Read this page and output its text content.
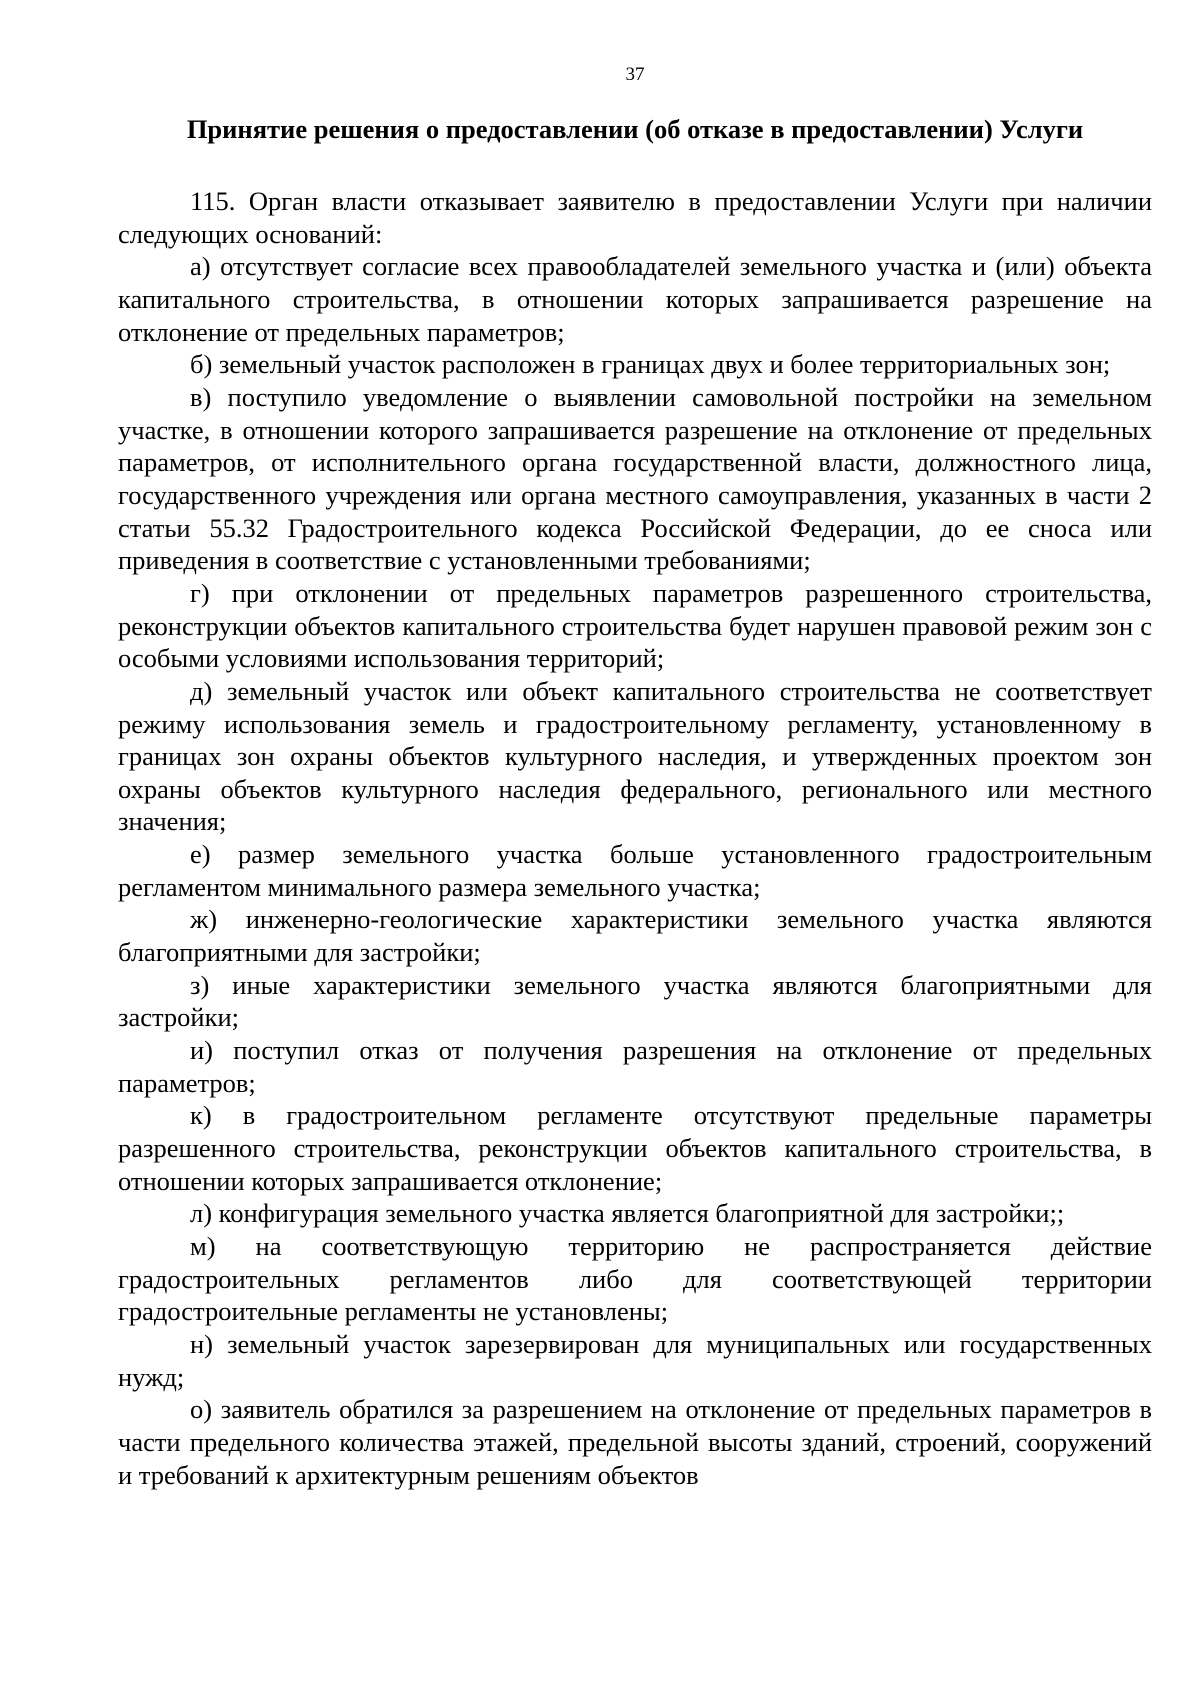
37
Принятие решения о предоставлении (об отказе в предоставлении) Услуги

115. Орган власти отказывает заявителю в предоставлении Услуги при наличии следующих оснований:

а) отсутствует согласие всех правообладателей земельного участка и (или) объекта капитального строительства, в отношении которых запрашивается разрешение на отклонение от предельных параметров;

б) земельный участок расположен в границах двух и более территориальных зон;

в) поступило уведомление о выявлении самовольной постройки на земельном участке, в отношении которого запрашивается разрешение на отклонение от предельных параметров, от исполнительного органа государственной власти, должностного лица, государственного учреждения или органа местного самоуправления, указанных в части 2 статьи 55.32 Градостроительного кодекса Российской Федерации, до ее сноса или приведения в соответствие с установленными требованиями;

г) при отклонении от предельных параметров разрешенного строительства, реконструкции объектов капитального строительства будет нарушен правовой режим зон с особыми условиями использования территорий;

д) земельный участок или объект капитального строительства не соответствует режиму использования земель и градостроительному регламенту, установленному в границах зон охраны объектов культурного наследия, и утвержденных проектом зон охраны объектов культурного наследия федерального, регионального или местного значения;

е) размер земельного участка больше установленного градостроительным регламентом минимального размера земельного участка;

ж) инженерно-геологические характеристики земельного участка являются благоприятными для застройки;

з) иные характеристики земельного участка являются благоприятными для застройки;

и) поступил отказ от получения разрешения на отклонение от предельных параметров;

к) в градостроительном регламенте отсутствуют предельные параметры разрешенного строительства, реконструкции объектов капитального строительства, в отношении которых запрашивается отклонение;

л) конфигурация земельного участка является благоприятной для застройки;;

м) на соответствующую территорию не распространяется действие градостроительных регламентов либо для соответствующей территории градостроительные регламенты не установлены;

н) земельный участок зарезервирован для муниципальных или государственных нужд;

о) заявитель обратился за разрешением на отклонение от предельных параметров в части предельного количества этажей, предельной высоты зданий, строений, сооружений и требований к архитектурным решениям объектов
